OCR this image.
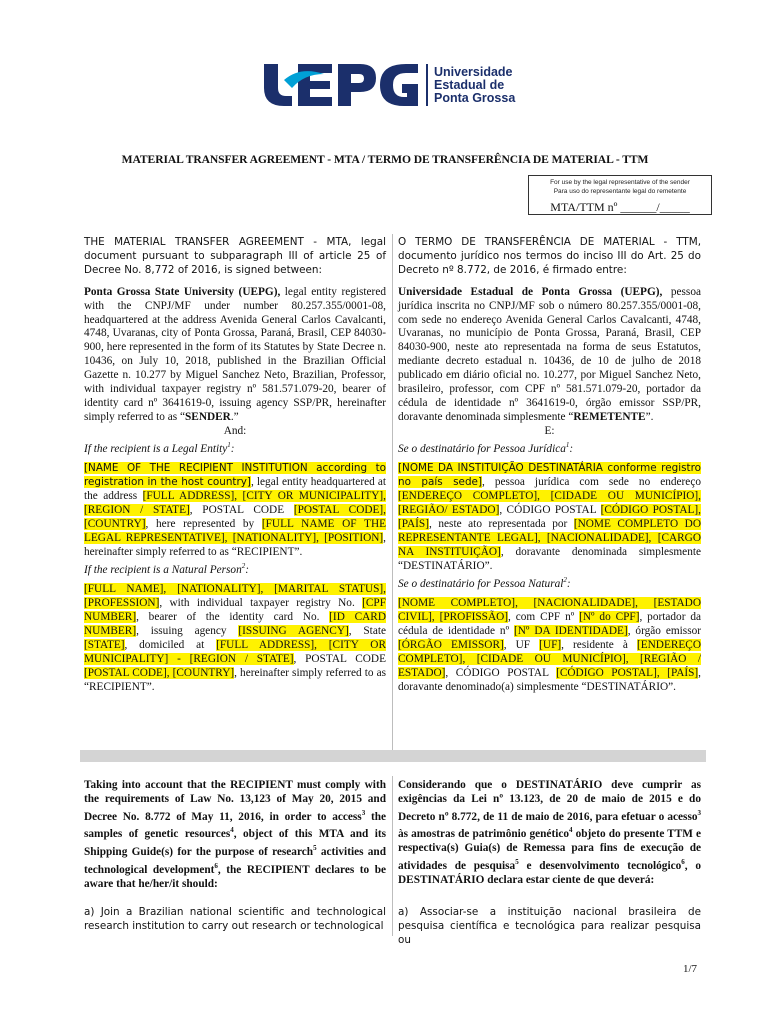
Universidade
Estadual de
Ponta Grossa
MATERIAL TRANSFER AGREEMENT - MTA / TERMO DE TRANSFERÊNCIA DE MATERIAL - TTM
For use by the legal representative of the sender
Para uso do representante legal do remetente
MTA/TTM nº ______/_____

THE MATERIAL TRANSFER AGREEMENT - MTA, legal document pursuant to subparagraph III of article 25 of Decree No. 8,772 of 2016, is signed between:

Ponta Grossa State University (UEPG), legal entity registered with the CNPJ/MF under number 80.257.355/0001-08, headquartered at the address Avenida General Carlos Cavalcanti, 4748, Uvaranas, city of Ponta Grossa, Paraná, Brasil, CEP 84030-900, here represented in the form of its Statutes by State Decree n. 10436, on July 10, 2018, published in the Brazilian Official Gazette n. 10.277 by Miguel Sanchez Neto, Brazilian, Professor, with individual taxpayer registry nº 581.571.079-20, bearer of identity card nº 3641619-0, issuing agency SSP/PR, hereinafter simply referred to as “SENDER.”

And:

If the recipient is a Legal Entity$^1$:

[NAME OF THE RECIPIENT INSTITUTION according to registration in the host country], legal entity headquartered at the address [FULL ADDRESS], [CITY OR MUNICIPALITY], [REGION / STATE], POSTAL CODE [POSTAL CODE], [COUNTRY], here represented by [FULL NAME OF THE LEGAL REPRESENTATIVE], [NATIONALITY], [POSITION], hereinafter simply referred to as “RECIPIENT”.

If the recipient is a Natural Person$^2$:

[FULL NAME], [NATIONALITY], [MARITAL STATUS], [PROFESSION], with individual taxpayer registry No. [CPF NUMBER], bearer of the identity card No. [ID CARD NUMBER], issuing agency [ISSUING AGENCY], State [STATE], domiciled at [FULL ADDRESS], [CITY OR MUNICIPALITY] - [REGION / STATE], POSTAL CODE [POSTAL CODE], [COUNTRY], hereinafter simply referred to as “RECIPIENT”.

Taking into account that the RECIPIENT must comply with the requirements of Law No. 13,123 of May 20, 2015 and Decree No. 8.772 of May 11, 2016, in order to access$^3$ the samples of genetic resources$^4$, object of this MTA and its Shipping Guide(s) for the purpose of research$^5$ activities and technological development$^6$, the RECIPIENT declares to be aware that he/her/it should:
a) Join a Brazilian national scientific and technological research institution to carry out research or technological

O TERMO DE TRANSFERÊNCIA DE MATERIAL - TTM, documento jurídico nos termos do inciso III do Art. 25 do Decreto nº 8.772, de 2016, é firmado entre:

Universidade Estadual de Ponta Grossa (UEPG), pessoa jurídica inscrita no CNPJ/MF sob o número 80.257.355/0001-08, com sede no endereço Avenida General Carlos Cavalcanti, 4748, Uvaranas, no município de Ponta Grossa, Paraná, Brasil, CEP 84030-900, neste ato representada na forma de seus Estatutos, mediante decreto estadual n. 10436, de 10 de julho de 2018 publicado em diário oficial no. 10.277, por Miguel Sanchez Neto, brasileiro, professor, com CPF nº 581.571.079-20, portador da cédula de identidade nº 3641619-0, órgão emissor SSP/PR, doravante denominada simplesmente “REMETENTE”.

E:

Se o destinatário for Pessoa Jurídica$^1$:

[NOME DA INSTITUIÇÃO DESTINATÁRIA conforme registro no país sede], pessoa jurídica com sede no endereço [ENDEREÇO COMPLETO], [CIDADE OU MUNICÍPIO], [REGIÃO/ ESTADO], CÓDIGO POSTAL [CÓDIGO POSTAL], [PAÍS], neste ato representada por [NOME COMPLETO DO REPRESENTANTE LEGAL], [NACIONALIDADE], [CARGO NA INSTITUIÇÃO], doravante denominada simplesmente “DESTINATÁRIO”.

Se o destinatário for Pessoa Natural$^2$:

[NOME COMPLETO], [NACIONALIDADE], [ESTADO CIVIL], [PROFISSÃO], com CPF nº [Nº do CPF], portador da cédula de identidade nº [Nº DA IDENTIDADE], órgão emissor [ÓRGÃO EMISSOR], UF [UF], residente à [ENDEREÇO COMPLETO], [CIDADE OU MUNICÍPIO], [REGIÃO / ESTADO], CÓDIGO POSTAL [CÓDIGO POSTAL], [PAÍS], doravante denominado(a) simplesmente “DESTINATÁRIO”.

Considerando que o DESTINATÁRIO deve cumprir as exigências da Lei nº 13.123, de 20 de maio de 2015 e do Decreto nº 8.772, de 11 de maio de 2016, para efetuar o acesso$^3$ às amostras de patrimônio genético$^4$ objeto do presente TTM e respectiva(s) Guia(s) de Remessa para fins de execução de atividades de pesquisa$^5$ e desenvolvimento tecnológico$^6$, o DESTINATÁRIO declara estar ciente de que deverá:
a) Associar-se a instituição nacional brasileira de pesquisa científica e tecnológica para realizar pesquisa ou
1/7
